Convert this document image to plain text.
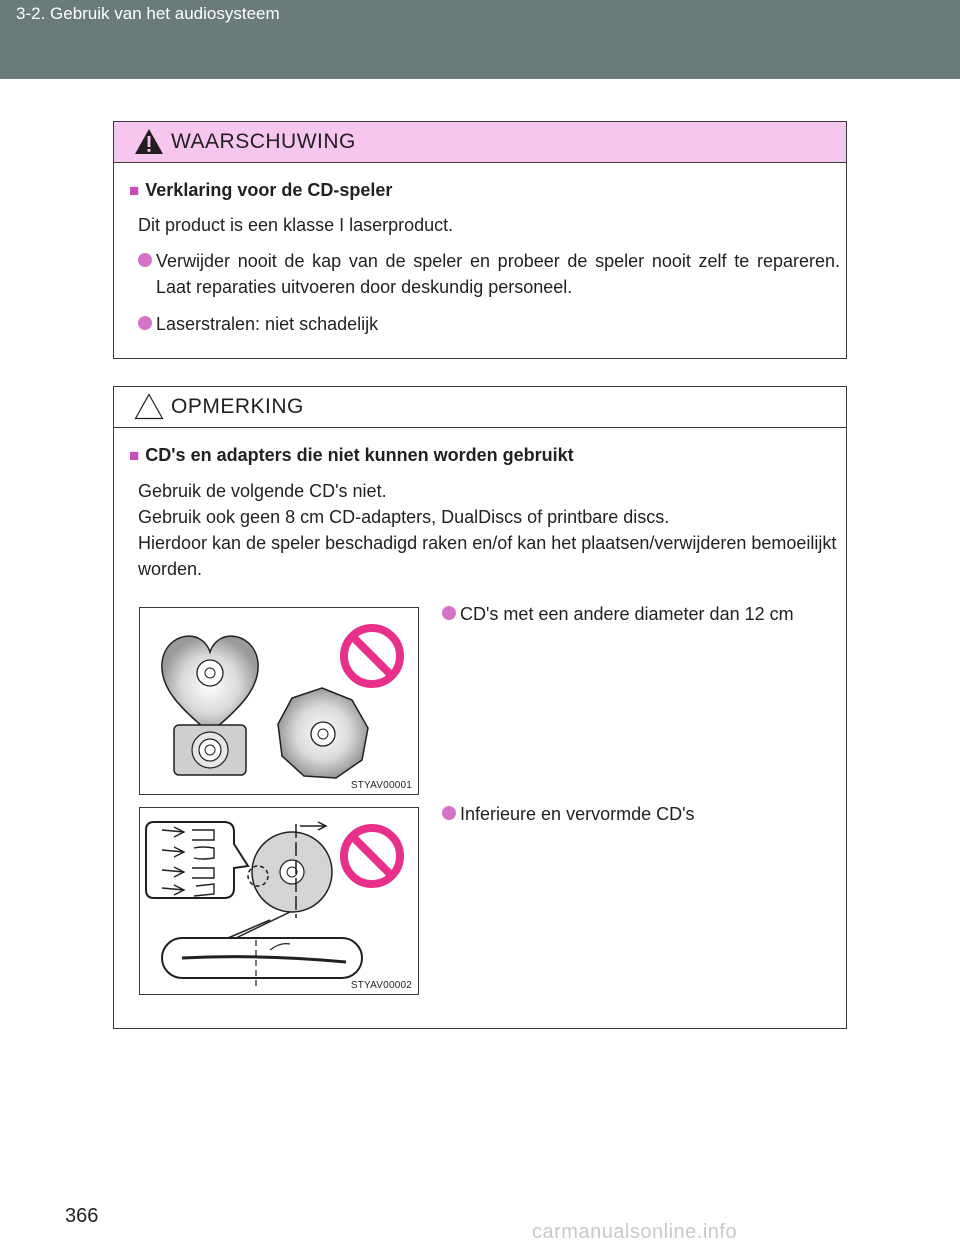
3-2. Gebruik van het audiosysteem
WAARSCHUWING
■ Verklaring voor de CD-speler
Dit product is een klasse I laserproduct.
Verwijder nooit de kap van de speler en probeer de speler nooit zelf te repareren. Laat reparaties uitvoeren door deskundig personeel.
Laserstralen: niet schadelijk
OPMERKING
■ CD's en adapters die niet kunnen worden gebruikt
Gebruik de volgende CD's niet.
Gebruik ook geen 8 cm CD-adapters, DualDiscs of printbare discs.
Hierdoor kan de speler beschadigd raken en/of kan het plaatsen/verwijderen bemoeilijkt worden.
STYAV00001
CD's met een andere diameter dan 12 cm
STYAV00002
Inferieure en vervormde CD's
366
carmanualsonline.info
